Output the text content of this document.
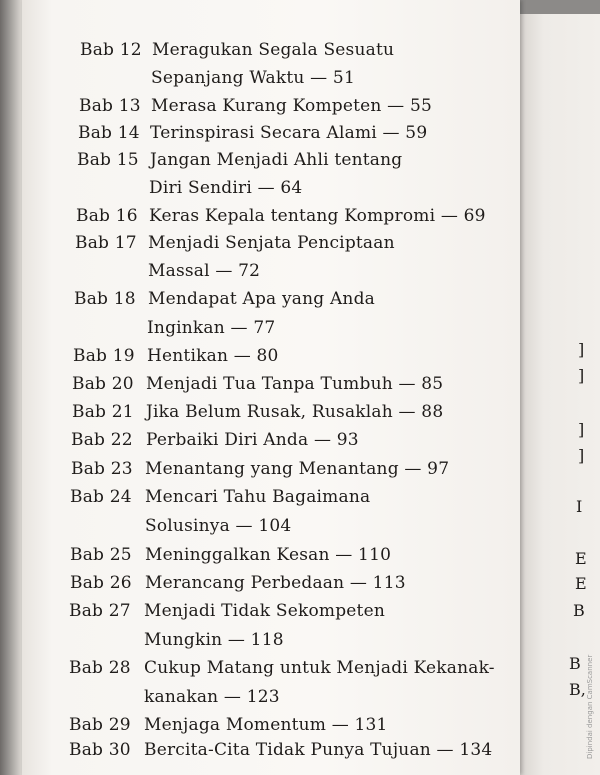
Bab 12 Meragukan Segala Sesuatu
Sepanjang Waktu — 51
Bab 13 Merasa Kurang Kompeten — 55
Bab 14 Terinspirasi Secara Alami — 59
Bab 15 Jangan Menjadi Ahli tentang
Diri Sendiri — 64
Bab 16 Keras Kepala tentang Kompromi — 69
Bab 17 Menjadi Senjata Penciptaan
Massal — 72
Bab 18 Mendapat Apa yang Anda
Inginkan — 77
Bab 19 Hentikan — 80
Bab 20 Menjadi Tua Tanpa Tumbuh — 85
Bab 21 Jika Belum Rusak, Rusaklah — 88
Bab 22 Perbaiki Diri Anda — 93
Bab 23 Menantang yang Menantang — 97
Bab 24 Mencari Tahu Bagaimana
Solusinya — 104
Bab 25 Meninggalkan Kesan — 110
Bab 26 Merancang Perbedaan — 113
Bab 27 Menjadi Tidak Sekompeten
Mungkin — 118
Bab 28 Cukup Matang untuk Menjadi Kekanak-
kanakan — 123
Bab 29 Menjaga Momentum — 131
Bab 30 Bercita-Cita Tidak Punya Tujuan — 134
]
]
]
]
I
E
E
B
B
B, Dipindai dengan CamScanner
